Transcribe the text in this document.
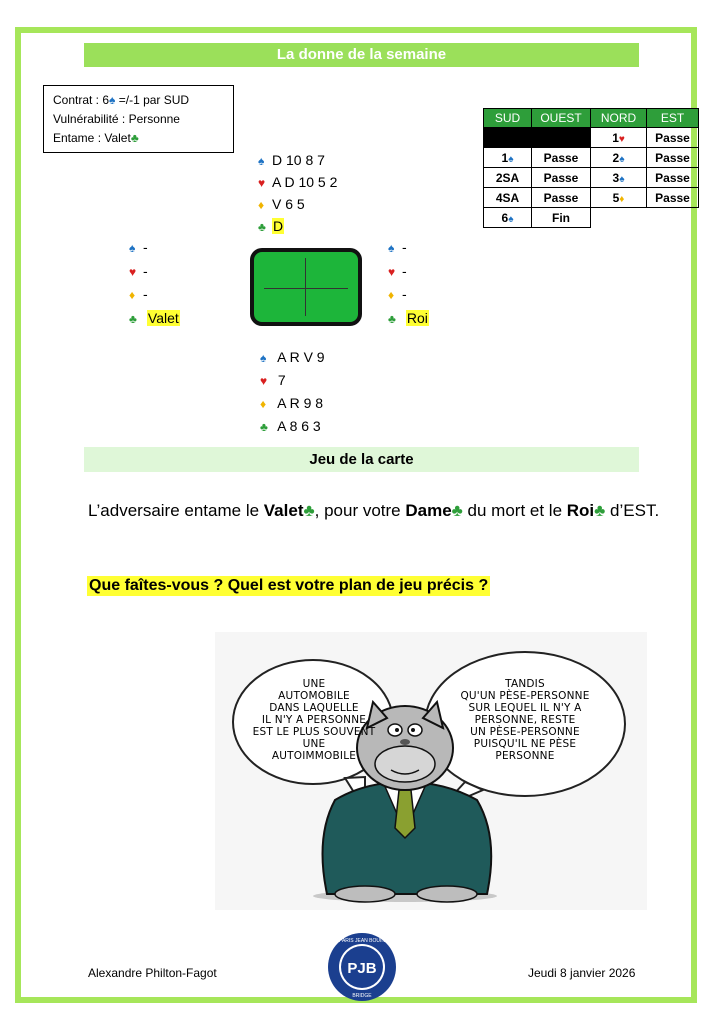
La donne de la semaine
Contrat : 6♠ =/-1 par SUD
Vulnérabilité : Personne
Entame : Valet♣
♠ D 10 8 7
♥ A D 10 5 2
♦ V 6 5
♣ D
♠ -
♥ -
♦ -
♣ Valet
♠ -
♥ -
♦ -
♣ Roi
♠ A R V 9
♥ 7
♦ A R 9 8
♣ A 8 6 3
SUD	OUEST	NORD	EST
		1♥	Passe
1♠	Passe	2♠	Passe
2SA	Passe	3♠	Passe
4SA	Passe	5♦	Passe
6♠	Fin		
Jeu de la carte
L’adversaire entame le Valet♣, pour votre Dame♣ du mort et le Roi♣ d’EST.
Que faîtes-vous ? Quel est votre plan de jeu précis ?
UNE
AUTOMOBILE
DANS LAQUELLE
IL N'Y A PERSONNE
EST LE PLUS SOUVENT
UNE
AUTOIMMOBILE
TANDIS
QU'UN PÈSE-PERSONNE
SUR LEQUEL IL N'Y A
PERSONNE, RESTE
UN PÈSE-PERSONNE
PUISQU'IL NE PÈSE
PERSONNE
Alexandre Philton-Fagot	Jeudi 8 janvier 2026
PJB
PARIS JEAN BOUIN
BRIDGE
